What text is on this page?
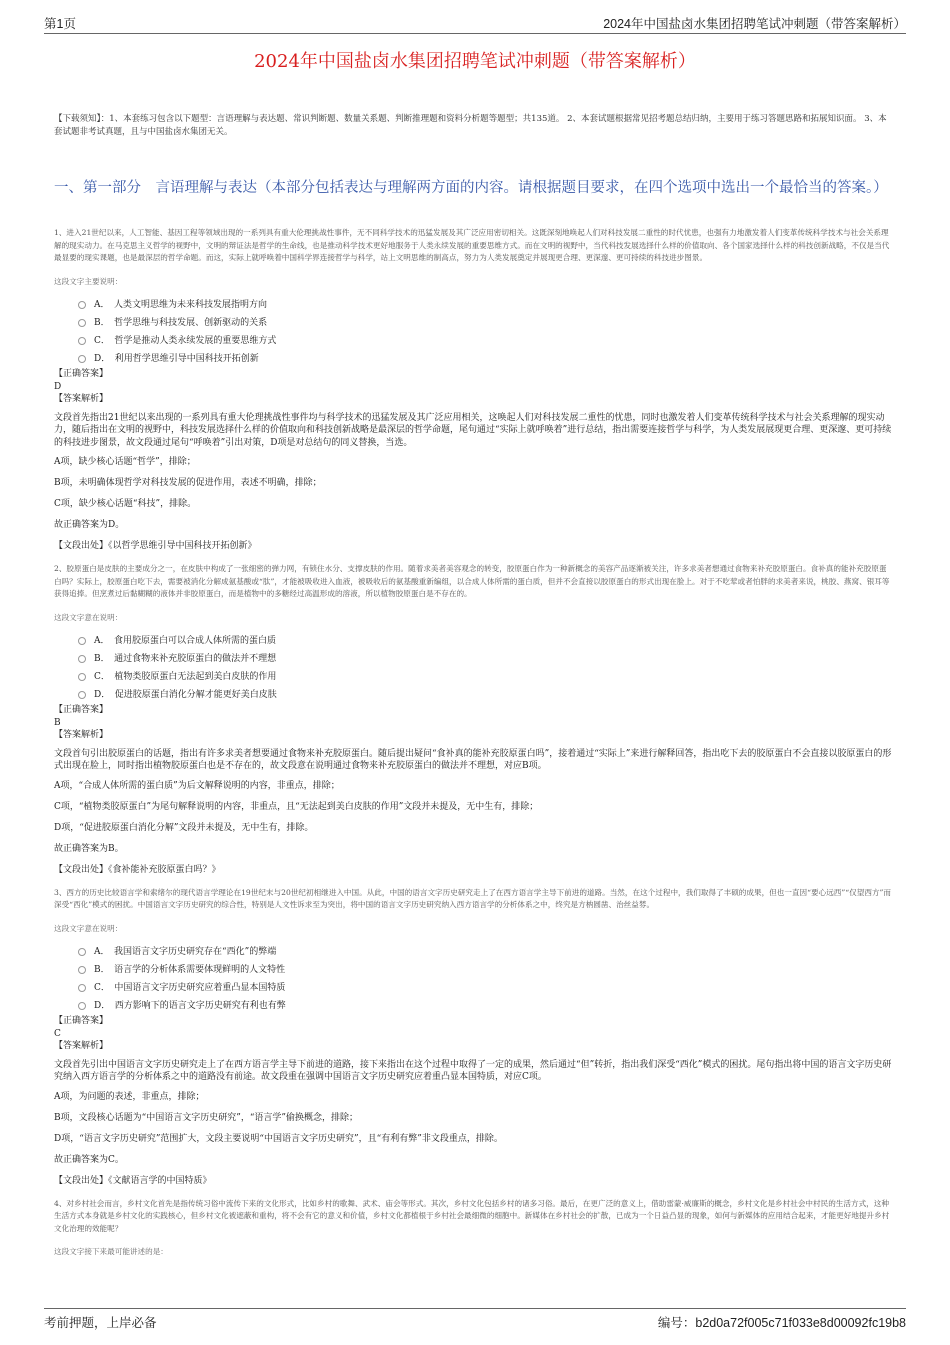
第1页	2024年中国盐卤水集团招聘笔试冲刺题（带答案解析）
2024年中国盐卤水集团招聘笔试冲刺题（带答案解析）
【下载须知】：1、本套练习包含以下题型：言语理解与表达题、常识判断题、数量关系题、判断推理题和资料分析题等题型；共135道。 2、本套试题根据常见招考题总结归纳，主要用于练习答题思路和拓展知识面。 3、本套试题非考试真题，且与中国盐卤水集团无关。
一、第一部分　言语理解与表达（本部分包括表达与理解两方面的内容。请根据题目要求，在四个选项中选出一个最恰当的答案。）

1、进入21世纪以来，人工智能、基因工程等领域出现的一系列具有重大伦理挑战性事件，无不同科学技术的迅猛发展及其广泛应用密切相关。这既深刻地唤起人们对科技发展二重性的时代忧患，也强有力地激发着人们变革传统科学技术与社会关系理解的现实动力。在马克思主义哲学的视野中，文明的辩证法是哲学的生命线，也是推动科学技术更好地服务于人类永续发展的重要思维方式。而在文明的视野中，当代科技发展选择什么样的价值取向、各个国家选择什么样的科技创新战略，不仅是当代最显要的现实课题，也是最深层的哲学命题。而这，实际上就呼唤着中国科学界连接哲学与科学，站上文明思维的制高点，努力为人类发展奠定并展现更合理、更深邃、更可持续的科技进步图景。

这段文字主要说明：

A．　人类文明思维为未来科技发展指明方向
B．　哲学思维与科技发展、创新驱动的关系
C．　哲学是推动人类永续发展的重要思维方式
D．　利用哲学思维引导中国科技开拓创新
【正确答案】
D
【答案解析】
文段首先指出21世纪以来出现的一系列具有重大伦理挑战性事件均与科学技术的迅猛发展及其广泛应用相关，这唤起人们对科技发展二重性的忧患，同时也激发着人们变革传统科学技术与社会关系理解的现实动力，随后指出在文明的视野中，科技发展选择什么样的价值取向和科技创新战略是最深层的哲学命题，尾句通过“实际上就呼唤着”进行总结，指出需要连接哲学与科学，为人类发展展现更合理、更深邃、更可持续的科技进步图景，故文段通过尾句“呼唤着”引出对策，D项是对总结句的同义替换，当选。
A项，缺少核心话题“哲学”，排除；
B项，未明确体现哲学对科技发展的促进作用，表述不明确，排除；
C项，缺少核心话题“科技”，排除。
故正确答案为D。
【文段出处】《以哲学思维引导中国科技开拓创新》

2、胶原蛋白是皮肤的主要成分之一，在皮肤中构成了一张细密的弹力网，有锁住水分、支撑皮肤的作用。随着求美者美容观念的转变，胶原蛋白作为一种新概念的美容产品逐渐被关注，许多求美者想通过食物来补充胶原蛋白。食补真的能补充胶原蛋白吗？实际上，胶原蛋白吃下去，需要被消化分解成氨基酸或“肽”，才能被吸收进入血液，被吸收后的氨基酸重新编组，以合成人体所需的蛋白质，但并不会直接以胶原蛋白的形式出现在脸上。对于不吃荤或者怕胖的求美者来说，桃胶、燕窝、银耳等获得追捧。但烹煮过后黏糊糊的液体并非胶原蛋白，而是植物中的多糖经过高温形成的溶液，所以植物胶原蛋白是不存在的。

这段文字意在说明：

A．　食用胶原蛋白可以合成人体所需的蛋白质
B．　通过食物来补充胶原蛋白的做法并不理想
C．　植物类胶原蛋白无法起到美白皮肤的作用
D．　促进胶原蛋白消化分解才能更好美白皮肤
【正确答案】
B
【答案解析】
文段首句引出胶原蛋白的话题，指出有许多求美者想要通过食物来补充胶原蛋白。随后提出疑问“食补真的能补充胶原蛋白吗”，接着通过“实际上”来进行解释回答，指出吃下去的胶原蛋白不会直接以胶原蛋白的形式出现在脸上，同时指出植物胶原蛋白也是不存在的，故文段意在说明通过食物来补充胶原蛋白的做法并不理想，对应B项。
A项，“合成人体所需的蛋白质”为后文解释说明的内容，非重点，排除；
C项，“植物类胶原蛋白”为尾句解释说明的内容，非重点，且“无法起到美白皮肤的作用”文段并未提及，无中生有，排除；
D项，“促进胶原蛋白消化分解”文段并未提及，无中生有，排除。
故正确答案为B。
【文段出处】《食补能补充胶原蛋白吗？》

3、西方的历史比较语言学和索绪尔的现代语言学理论在19世纪末与20世纪初相继进入中国。从此，中国的语言文字历史研究走上了在西方语言学主导下前进的道路。当然，在这个过程中，我们取得了丰硕的成果，但也一直因“要心远西”“仅望西方”而深受“西化”模式的困扰。中国语言文字历史研究的综合性，特别是人文性诉求至为突出，将中国的语言文字历史研究纳入西方语言学的分析体系之中，终究是方枘圆凿、治丝益棼。

这段文字意在说明：

A．　我国语言文字历史研究存在“西化”的弊端
B．　语言学的分析体系需要体现鲜明的人文特性
C．　中国语言文字历史研究应着重凸显本国特质
D．　西方影响下的语言文字历史研究有利也有弊
【正确答案】
C
【答案解析】
文段首先引出中国语言文字历史研究走上了在西方语言学主导下前进的道路，接下来指出在这个过程中取得了一定的成果，然后通过“但”转折，指出我们深受“西化”模式的困扰。尾句指出将中国的语言文字历史研究纳入西方语言学的分析体系之中的道路没有前途。故文段重在强调中国语言文字历史研究应着重凸显本国特质，对应C项。
A项，为问题的表述，非重点，排除；
B项，文段核心话题为“中国语言文字历史研究”，“语言学”偷换概念，排除；
D项，“语言文字历史研究”范围扩大，文段主要说明“中国语言文字历史研究”，且“有利有弊”非文段重点，排除。
故正确答案为C。
【文段出处】《文献语言学的中国特质》

4、对乡村社会而言，乡村文化首先是指传统习俗中流传下来的文化形式，比如乡村的歌舞、武术、庙会等形式。其次，乡村文化包括乡村的诸多习俗。最后，在更广泛的意义上，借助雷蒙·威廉斯的概念，乡村文化是乡村社会中村民的生活方式，这种生活方式本身就是乡村文化的实践核心，但乡村文化被遮蔽和重构，将不会有它的意义和价值，乡村文化都植根于乡村社会最细微的细胞中。新媒体在乡村社会的扩散，已成为一个日益凸显的现象，如何与新媒体的应用结合起来，才能更好地提升乡村文化治理的效能呢？

这段文字接下来最可能讲述的是：

考前押题，上岸必备	编号：b2d0a72f005c71f033e8d00092fc19b8
